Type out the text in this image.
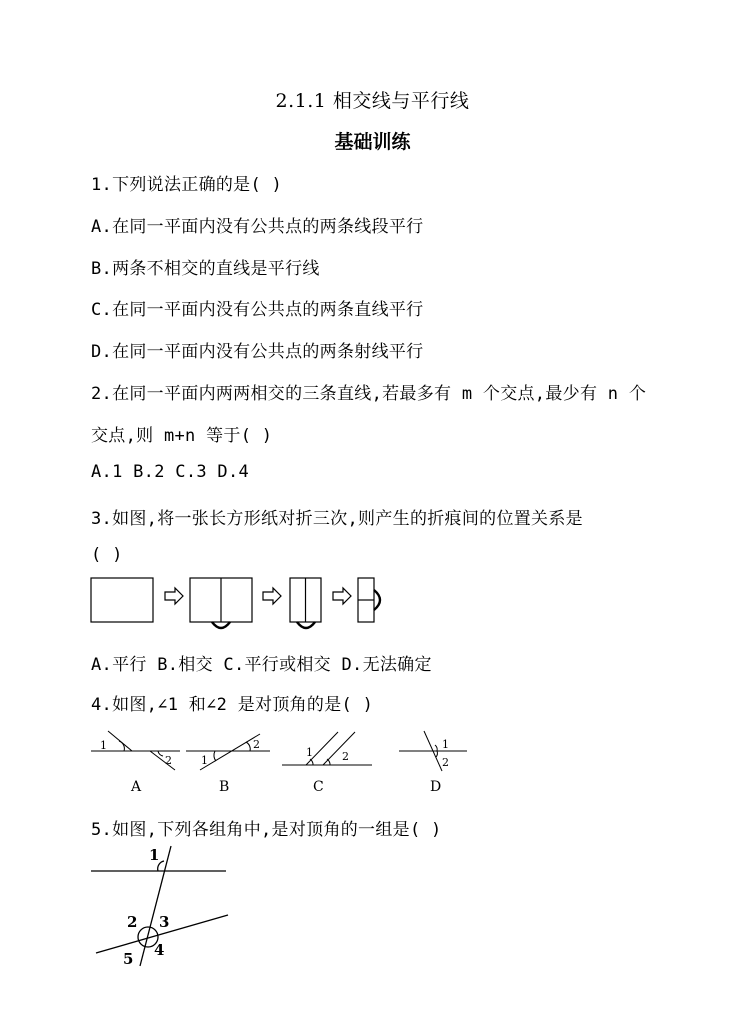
2.1.1 相交线与平行线
基础训练
1.下列说法正确的是( )
A.在同一平面内没有公共点的两条线段平行
B.两条不相交的直线是平行线
C.在同一平面内没有公共点的两条直线平行
D.在同一平面内没有公共点的两条射线平行
2.在同一平面内两两相交的三条直线,若最多有 m 个交点,最少有 n 个
交点,则 m+n 等于( )
A.1 B.2 C.3 D.4
3.如图,将一张长方形纸对折三次,则产生的折痕间的位置关系是
( )
A.平行 B.相交 C.平行或相交 D.无法确定
4.如图,∠1 和∠2 是对顶角的是( )
1
2	1
2
1	2
1
2
A	B	C	D
5.如图,下列各组角中,是对顶角的一组是( )
1
2 3
4
5
